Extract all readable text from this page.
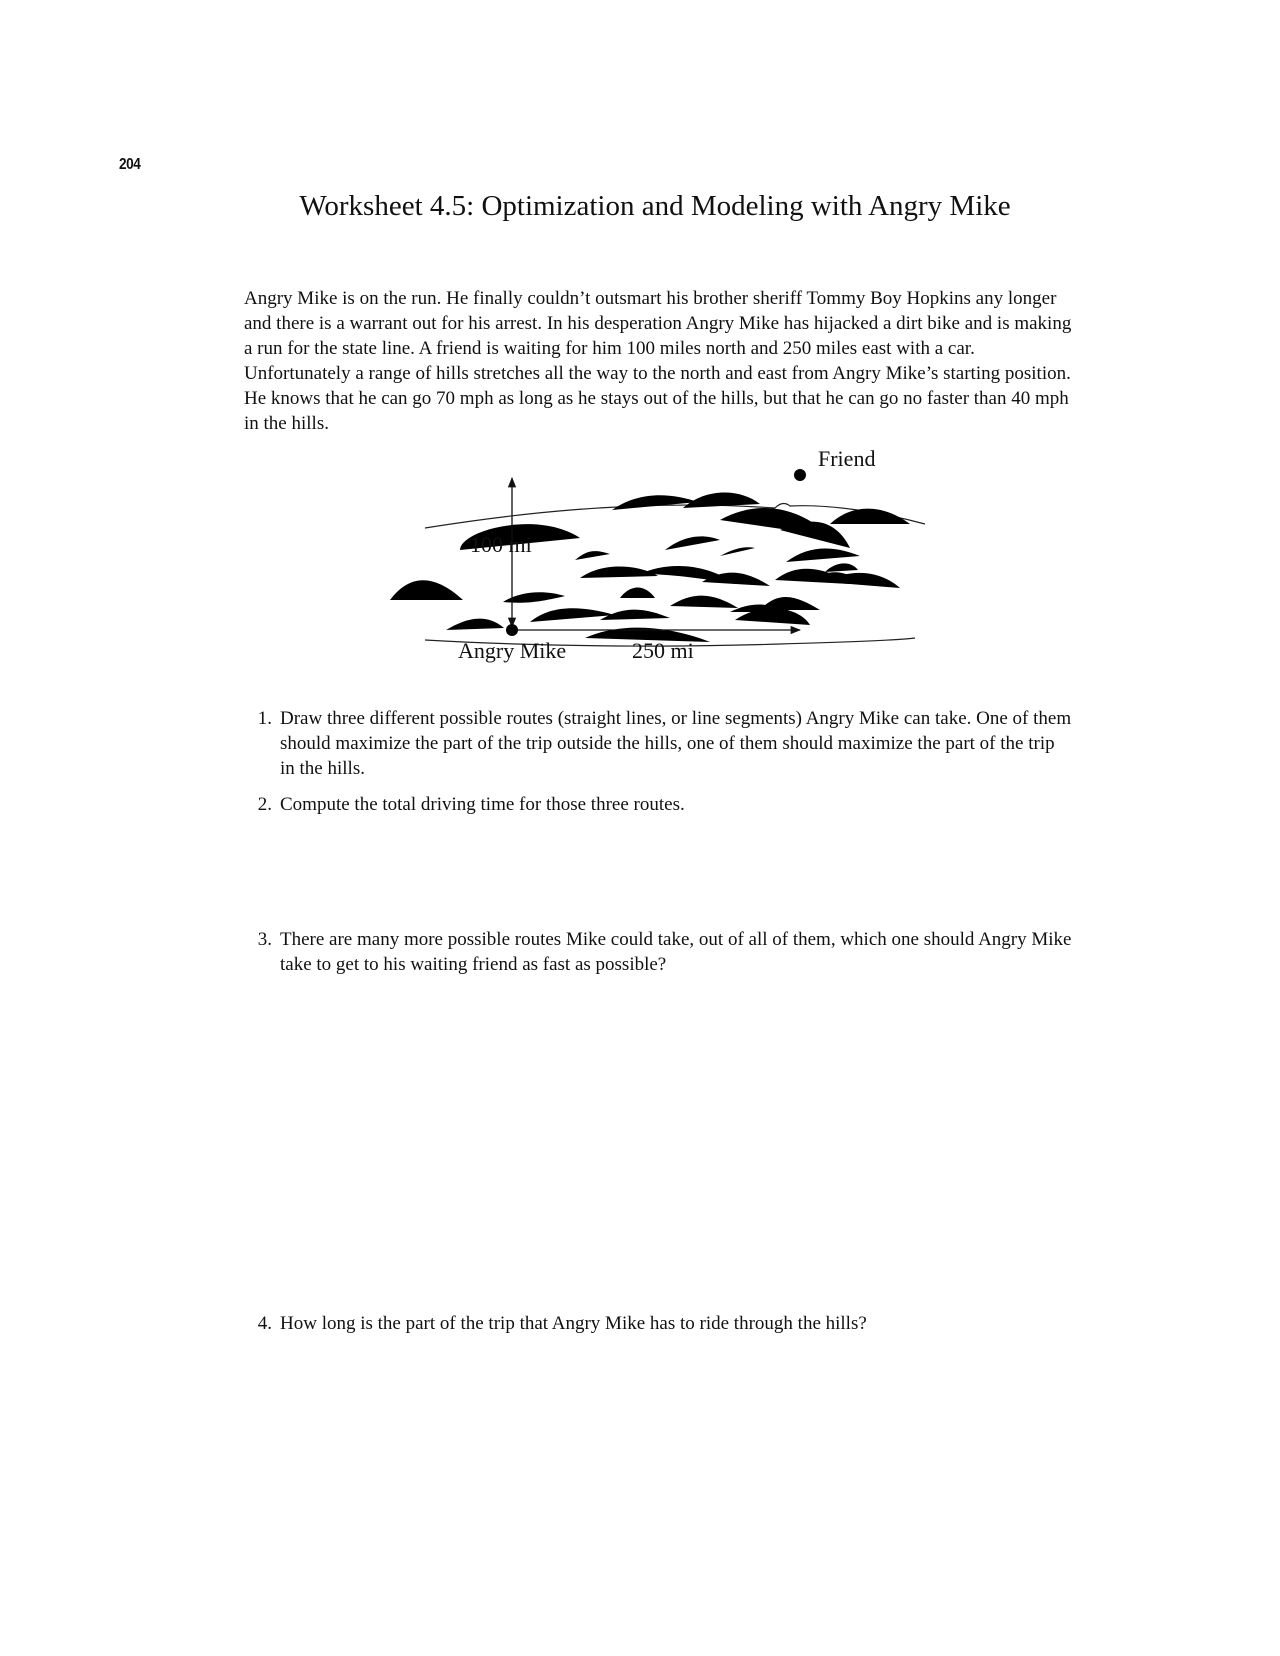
204
Worksheet 4.5: Optimization and Modeling with Angry Mike

Angry Mike is on the run. He finally couldn’t outsmart his brother sheriff Tommy Boy Hopkins any longer and there is a warrant out for his arrest. In his desperation Angry Mike has hijacked a dirt bike and is making a run for the state line. A friend is waiting for him 100 miles north and 250 miles east with a car. Unfortunately a range of hills stretches all the way to the north and east from Angry Mike’s starting position. He knows that he can go 70 mph as long as he stays out of the hills, but that he can go no faster than 40 mph in the hills.

Friend
100 mi
Angry Mike	250 mi
1. Draw three different possible routes (straight lines, or line segments) Angry Mike can take. One of them should maximize the part of the trip outside the hills, one of them should maximize the part of the trip in the hills.
2. Compute the total driving time for those three routes.
3. There are many more possible routes Mike could take, out of all of them, which one should Angry Mike take to get to his waiting friend as fast as possible?
4. How long is the part of the trip that Angry Mike has to ride through the hills?
